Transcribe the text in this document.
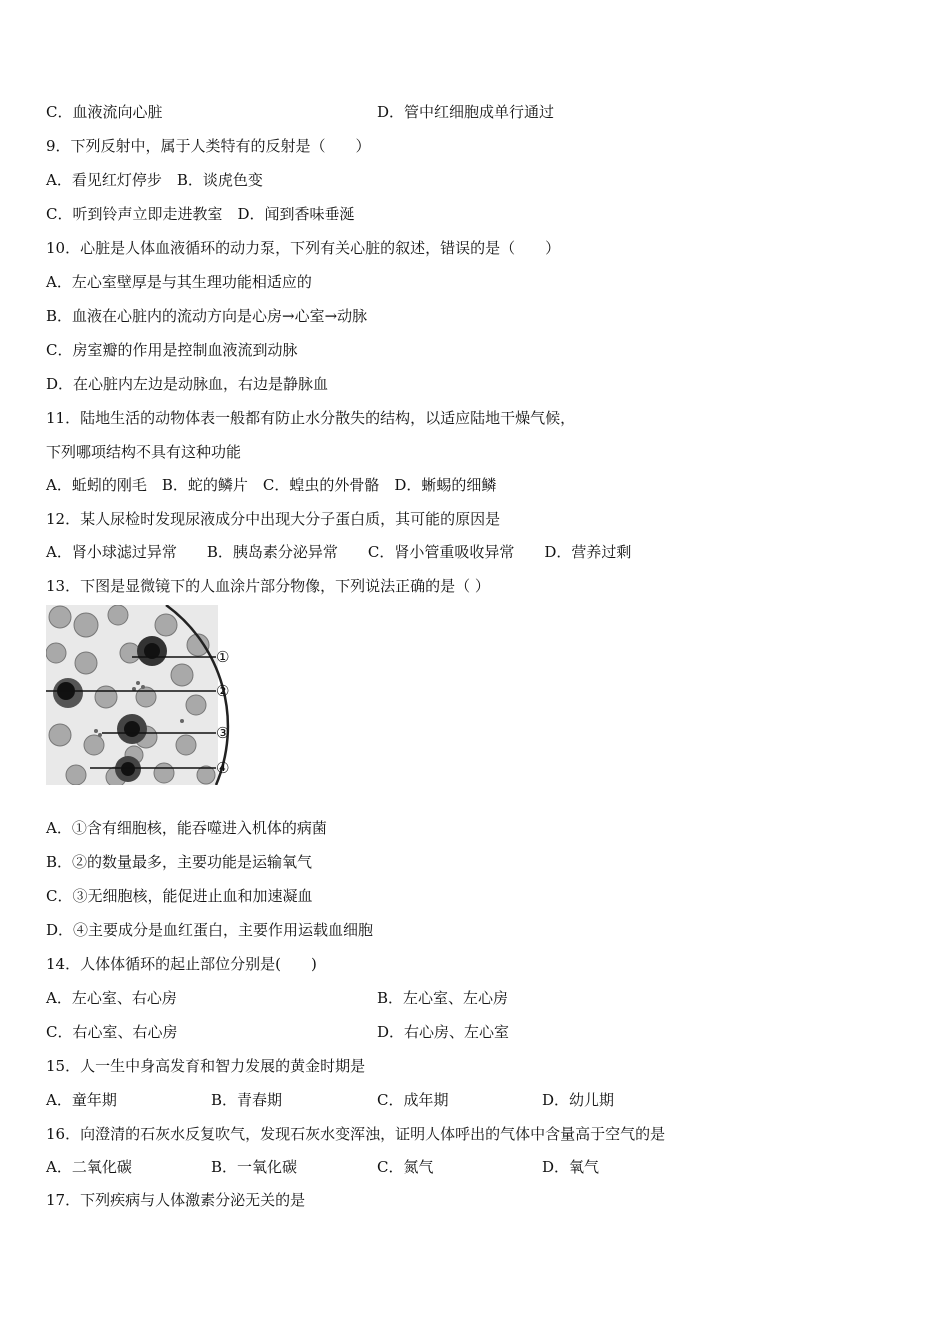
C．血液流向心脏	D．管中红细胞成单行通过
9．下列反射中，属于人类特有的反射是（　　）
A．看见红灯停步　B．谈虎色变
C．听到铃声立即走进教室　D．闻到香味垂涎
10．心脏是人体血液循环的动力泵，下列有关心脏的叙述，错误的是（　　）
A．左心室壁厚是与其生理功能相适应的
B．血液在心脏内的流动方向是心房→心室→动脉
C．房室瓣的作用是控制血液流到动脉
D．在心脏内左边是动脉血，右边是静脉血
11．陆地生活的动物体表一般都有防止水分散失的结构，以适应陆地干燥气候，
下列哪项结构不具有这种功能
A．蚯蚓的刚毛　B．蛇的鳞片　C．蝗虫的外骨骼　D．蜥蜴的细鳞
12．某人尿检时发现尿液成分中出现大分子蛋白质，其可能的原因是
A．肾小球滤过异常　　B．胰岛素分泌异常　　C．肾小管重吸收异常　　D．营养过剩
13．下图是显微镜下的人血涂片部分物像，下列说法正确的是（ ）
①
②
③
④
A．①含有细胞核，能吞噬进入机体的病菌
B．②的数量最多，主要功能是运输氧气
C．③无细胞核，能促进止血和加速凝血
D．④主要成分是血红蛋白，主要作用运载血细胞
14．人体体循环的起止部位分别是(　　)
A．左心室、右心房	B．左心室、左心房
C．右心室、右心房	D．右心房、左心室
15．人一生中身高发育和智力发展的黄金时期是
A．童年期	B．青春期	C．成年期	D．幼儿期
16．向澄清的石灰水反复吹气，发现石灰水变浑浊，证明人体呼出的气体中含量高于空气的是
A．二氧化碳	B．一氧化碳	C．氮气	D．氧气
17．下列疾病与人体激素分泌无关的是
